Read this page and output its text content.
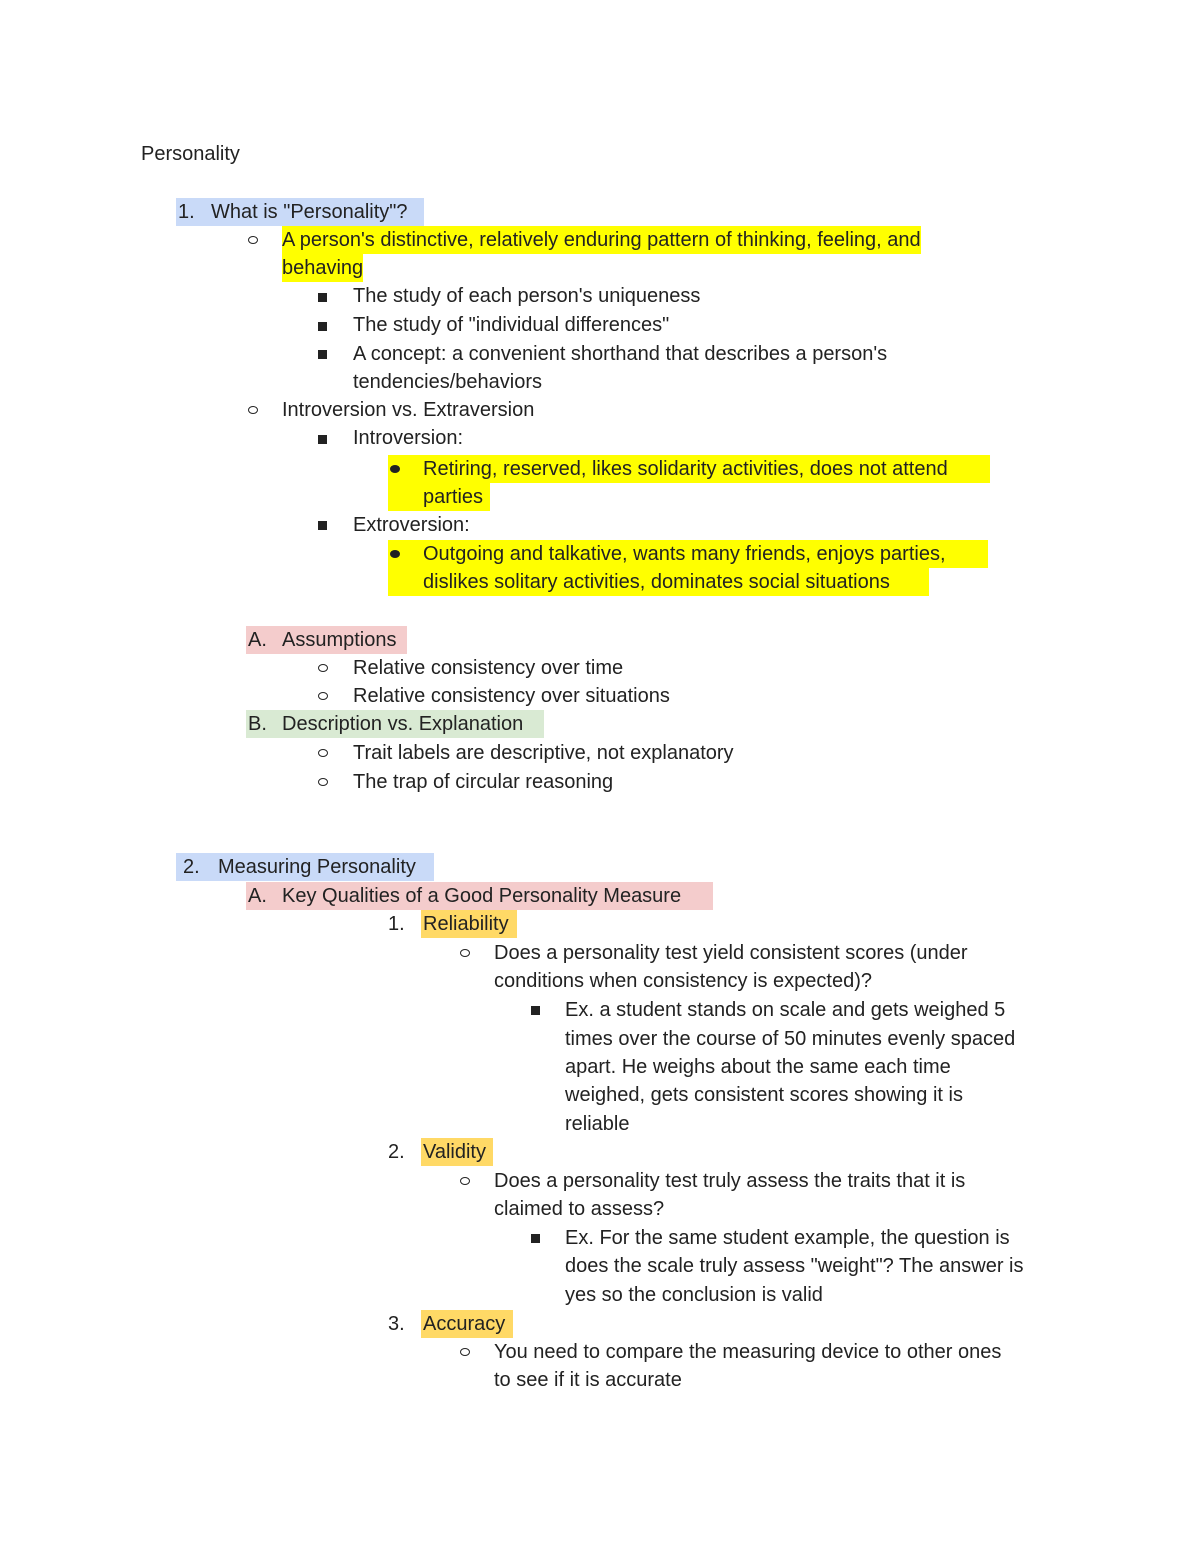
Personality
1. What is "Personality"?

A person's distinctive, relatively enduring pattern of thinking, feeling, and
behaving
The study of each person's uniqueness
The study of "individual differences"
A concept: a convenient shorthand that describes a person's
tendencies/behaviors
Introversion vs. Extraversion
Introversion:
Retiring, reserved, likes solidarity activities, does not attend
parties
Extroversion:
Outgoing and talkative, wants many friends, enjoys parties,
dislikes solitary activities, dominates social situations
A. Assumptions
Relative consistency over time
Relative consistency over situations
B. Description vs. Explanation
Trait labels are descriptive, not explanatory
The trap of circular reasoning
2. Measuring Personality
A. Key Qualities of a Good Personality Measure
1. Reliability
Does a personality test yield consistent scores (under
conditions when consistency is expected)?
Ex. a student stands on scale and gets weighed 5
times over the course of 50 minutes evenly spaced
apart. He weighs about the same each time
weighed, gets consistent scores showing it is
reliable
2. Validity
Does a personality test truly assess the traits that it is
claimed to assess?
Ex. For the same student example, the question is
does the scale truly assess "weight"? The answer is
yes so the conclusion is valid
3. Accuracy
You need to compare the measuring device to other ones
to see if it is accurate
